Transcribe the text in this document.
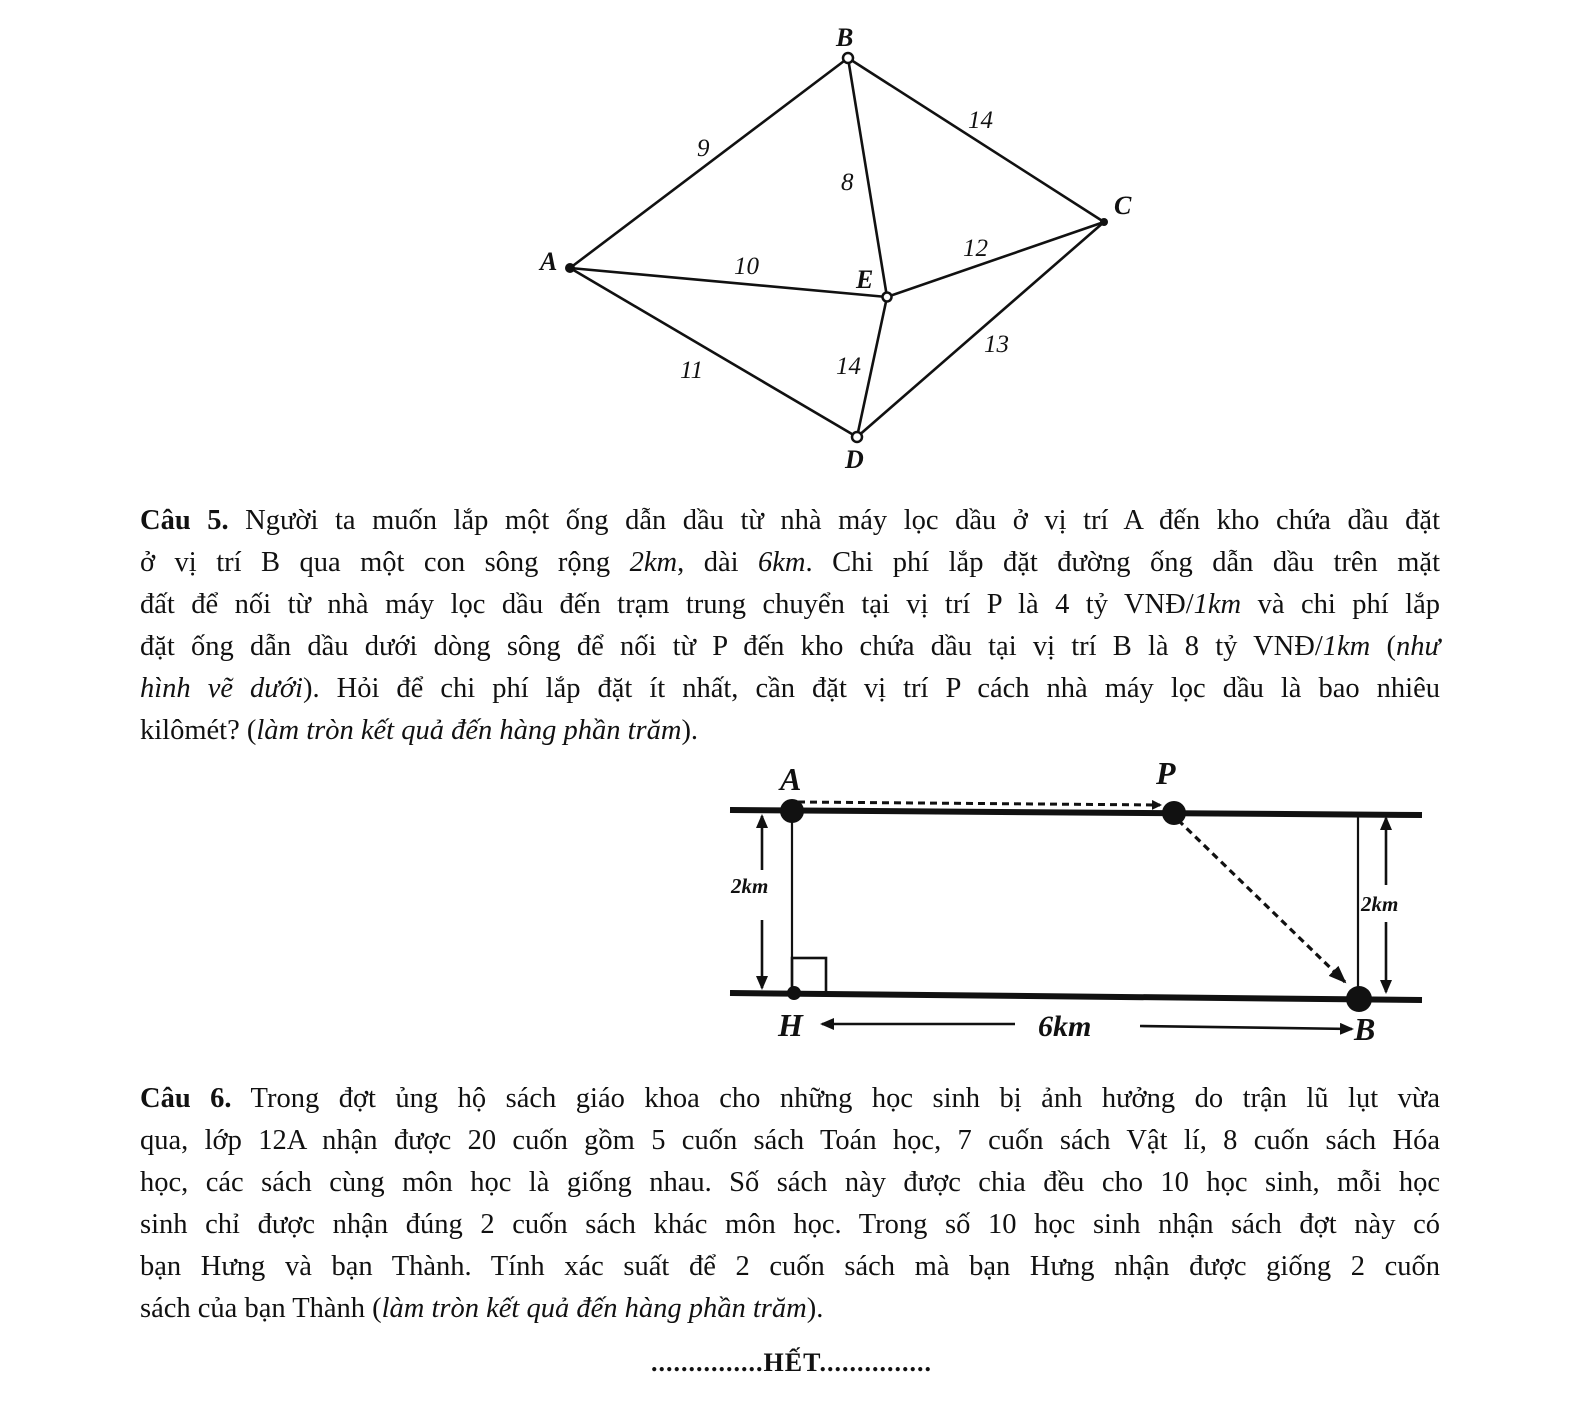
B
A
C
E
D
9
14
8
10
12
11	14
13
Câu 5. Người ta muốn lắp một ống dẫn dầu từ nhà máy lọc dầu ở vị trí A đến kho chứa dầu đặt
ở vị trí B qua một con sông rộng 2km, dài 6km. Chi phí lắp đặt đường ống dẫn dầu trên mặt
đất để nối từ nhà máy lọc dầu đến trạm trung chuyển tại vị trí P là 4 tỷ VNĐ/1km và chi phí lắp
đặt ống dẫn dầu dưới dòng sông để nối từ P đến kho chứa dầu tại vị trí B là 8 tỷ VNĐ/1km (như
hình vẽ dưới). Hỏi để chi phí lắp đặt ít nhất, cần đặt vị trí P cách nhà máy lọc dầu là bao nhiêu
kilômét? (làm tròn kết quả đến hàng phần trăm).
A	P
H	B
2km
2km
6km
Câu 6. Trong đợt ủng hộ sách giáo khoa cho những học sinh bị ảnh hưởng do trận lũ lụt vừa
qua, lớp 12A nhận được 20 cuốn gồm 5 cuốn sách Toán học, 7 cuốn sách Vật lí, 8 cuốn sách Hóa
học, các sách cùng môn học là giống nhau. Số sách này được chia đều cho 10 học sinh, mỗi học
sinh chỉ được nhận đúng 2 cuốn sách khác môn học. Trong số 10 học sinh nhận sách đợt này có
bạn Hưng và bạn Thành. Tính xác suất để 2 cuốn sách mà bạn Hưng nhận được giống 2 cuốn
sách của bạn Thành (làm tròn kết quả đến hàng phần trăm).
...............HẾT...............
